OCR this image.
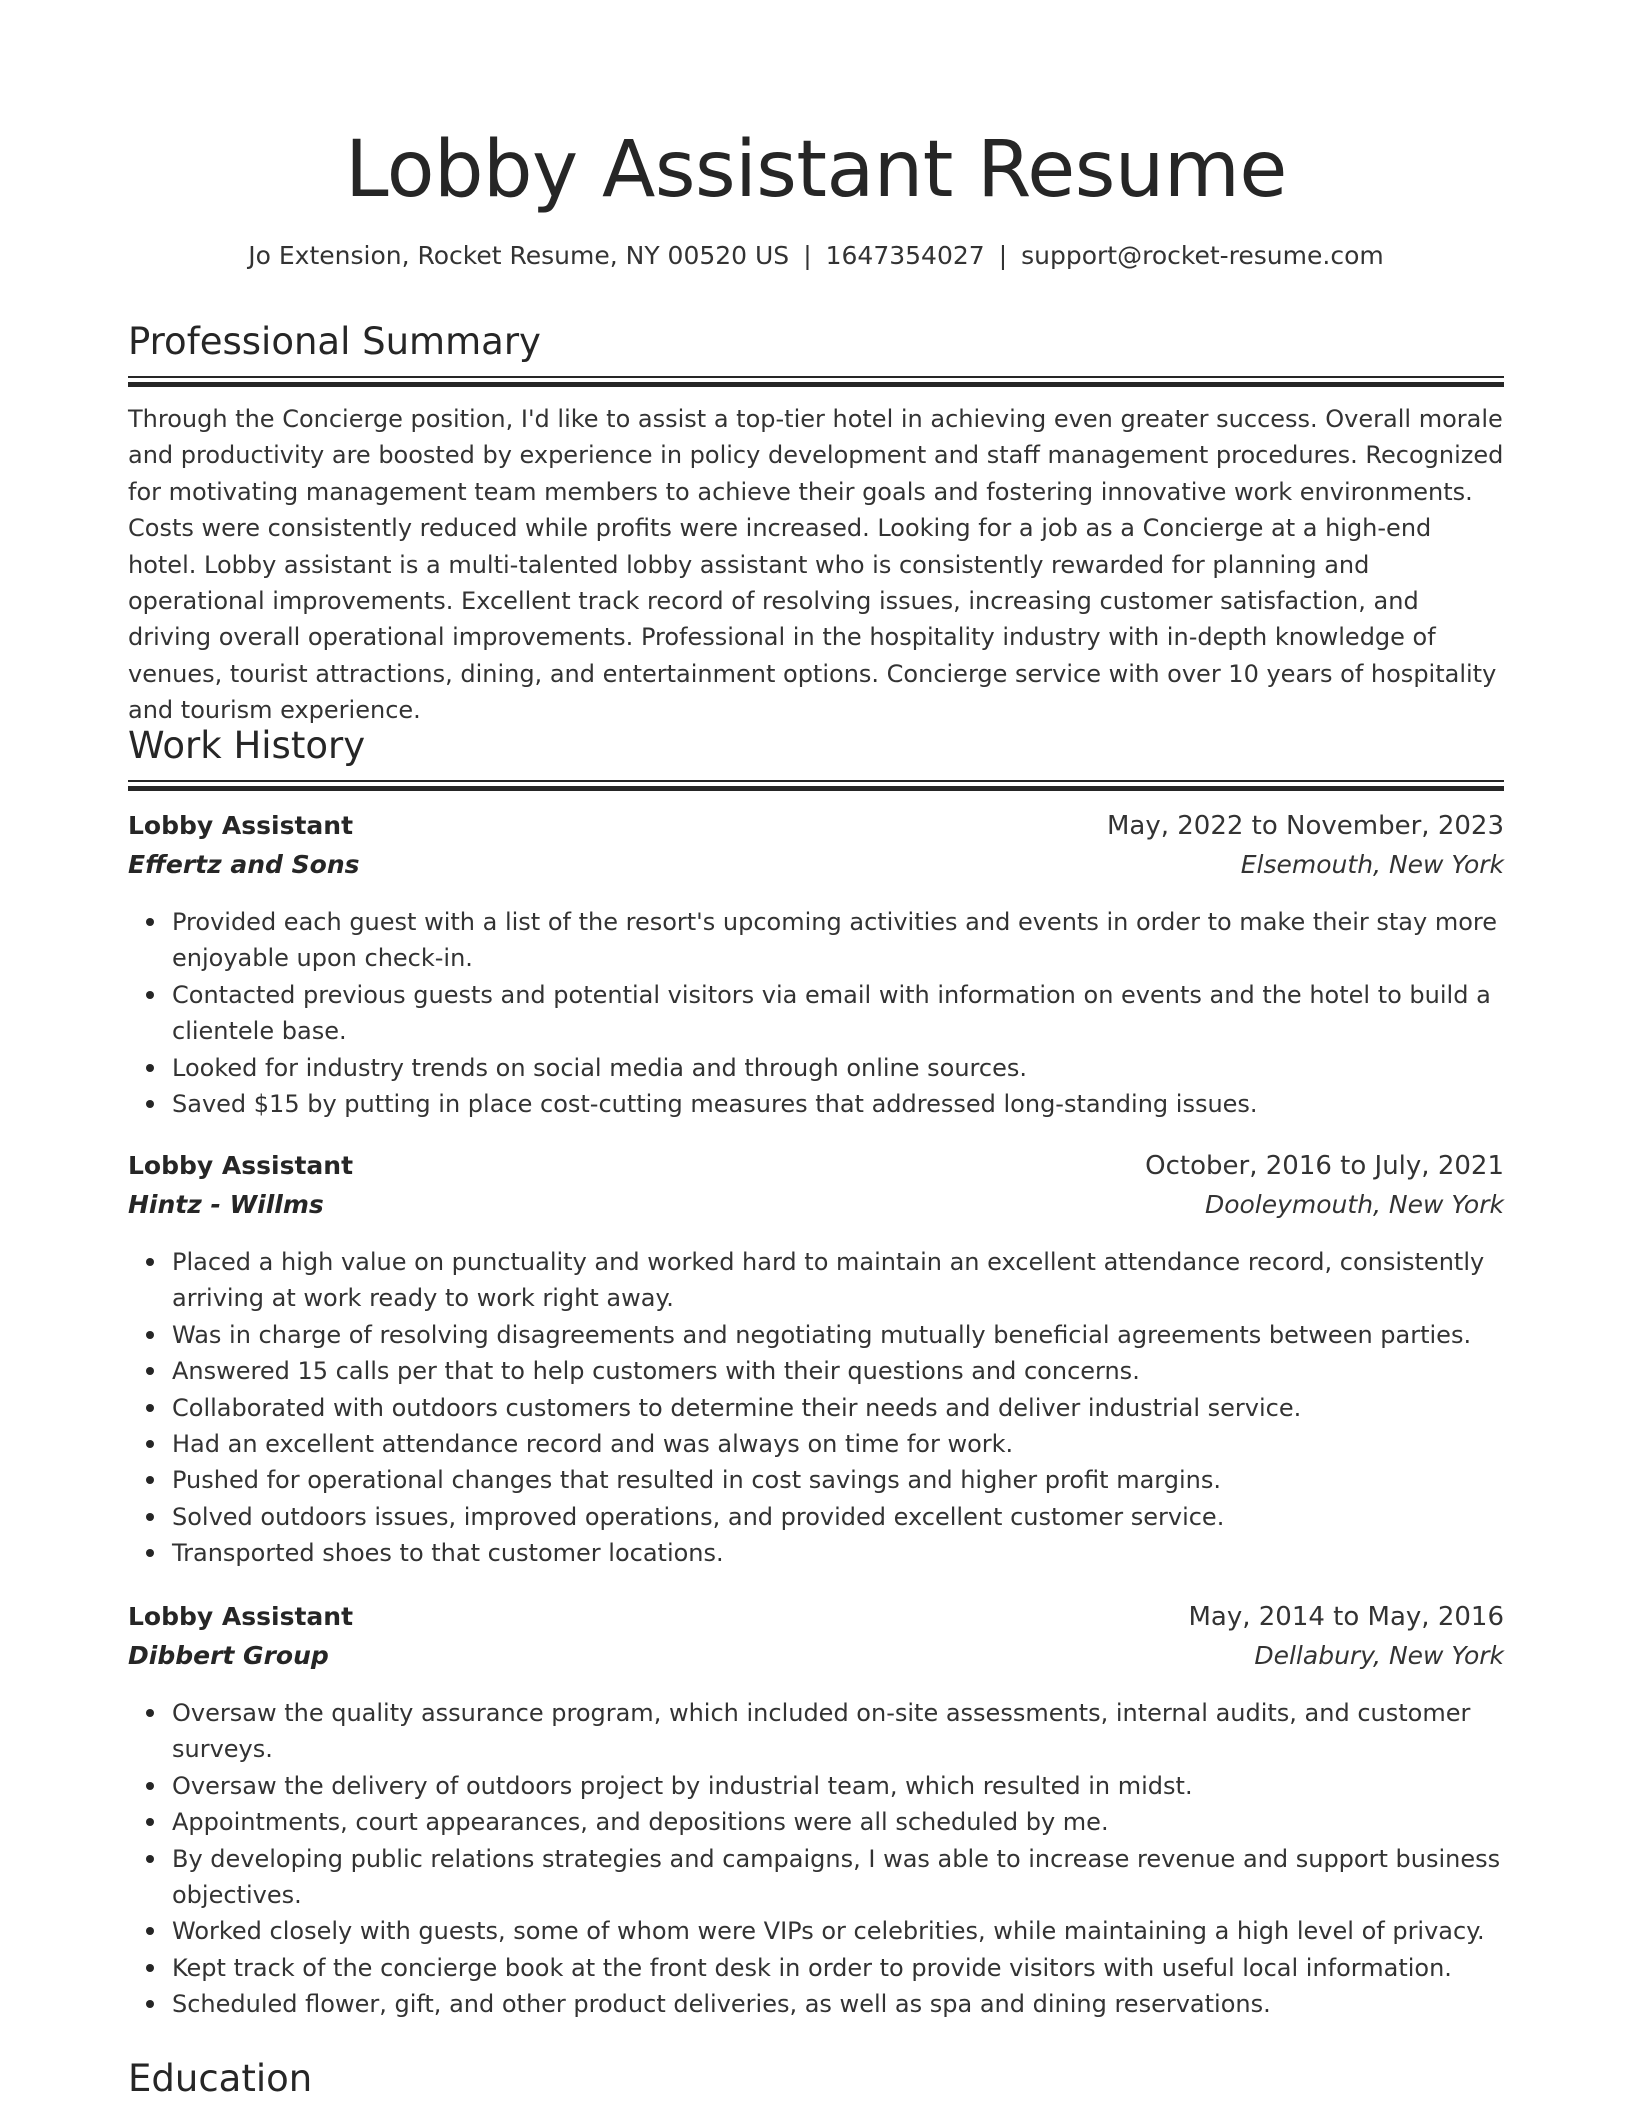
Lobby Assistant Resume
Jo Extension, Rocket Resume, NY 00520 US | 1647354027 | support@rocket-resume.com
Professional Summary

Through the Concierge position, I'd like to assist a top-tier hotel in achieving even greater success. Overall morale and productivity are boosted by experience in policy development and staff management procedures. Recognized for motivating management team members to achieve their goals and fostering innovative work environments. Costs were consistently reduced while profits were increased. Looking for a job as a Concierge at a high-end hotel. Lobby assistant is a multi-talented lobby assistant who is consistently rewarded for planning and operational improvements. Excellent track record of resolving issues, increasing customer satisfaction, and driving overall operational improvements. Professional in the hospitality industry with in-depth knowledge of venues, tourist attractions, dining, and entertainment options. Concierge service with over 10 years of hospitality and tourism experience.

Work History
Lobby Assistant	May, 2022 to November, 2023
Effertz and Sons	Elsemouth, New York
Provided each guest with a list of the resort's upcoming activities and events in order to make their stay more enjoyable upon check-in.
Contacted previous guests and potential visitors via email with information on events and the hotel to build a clientele base.
Looked for industry trends on social media and through online sources.
Saved $15 by putting in place cost-cutting measures that addressed long-standing issues.
Lobby Assistant	October, 2016 to July, 2021
Hintz - Willms	Dooleymouth, New York
Placed a high value on punctuality and worked hard to maintain an excellent attendance record, consistently arriving at work ready to work right away.
Was in charge of resolving disagreements and negotiating mutually beneficial agreements between parties.
Answered 15 calls per that to help customers with their questions and concerns.
Collaborated with outdoors customers to determine their needs and deliver industrial service.
Had an excellent attendance record and was always on time for work.
Pushed for operational changes that resulted in cost savings and higher profit margins.
Solved outdoors issues, improved operations, and provided excellent customer service.
Transported shoes to that customer locations.
Lobby Assistant	May, 2014 to May, 2016
Dibbert Group	Dellabury, New York
Oversaw the quality assurance program, which included on-site assessments, internal audits, and customer surveys.
Oversaw the delivery of outdoors project by industrial team, which resulted in midst.
Appointments, court appearances, and depositions were all scheduled by me.
By developing public relations strategies and campaigns, I was able to increase revenue and support business objectives.
Worked closely with guests, some of whom were VIPs or celebrities, while maintaining a high level of privacy.
Kept track of the concierge book at the front desk in order to provide visitors with useful local information.
Scheduled flower, gift, and other product deliveries, as well as spa and dining reservations.
Education
